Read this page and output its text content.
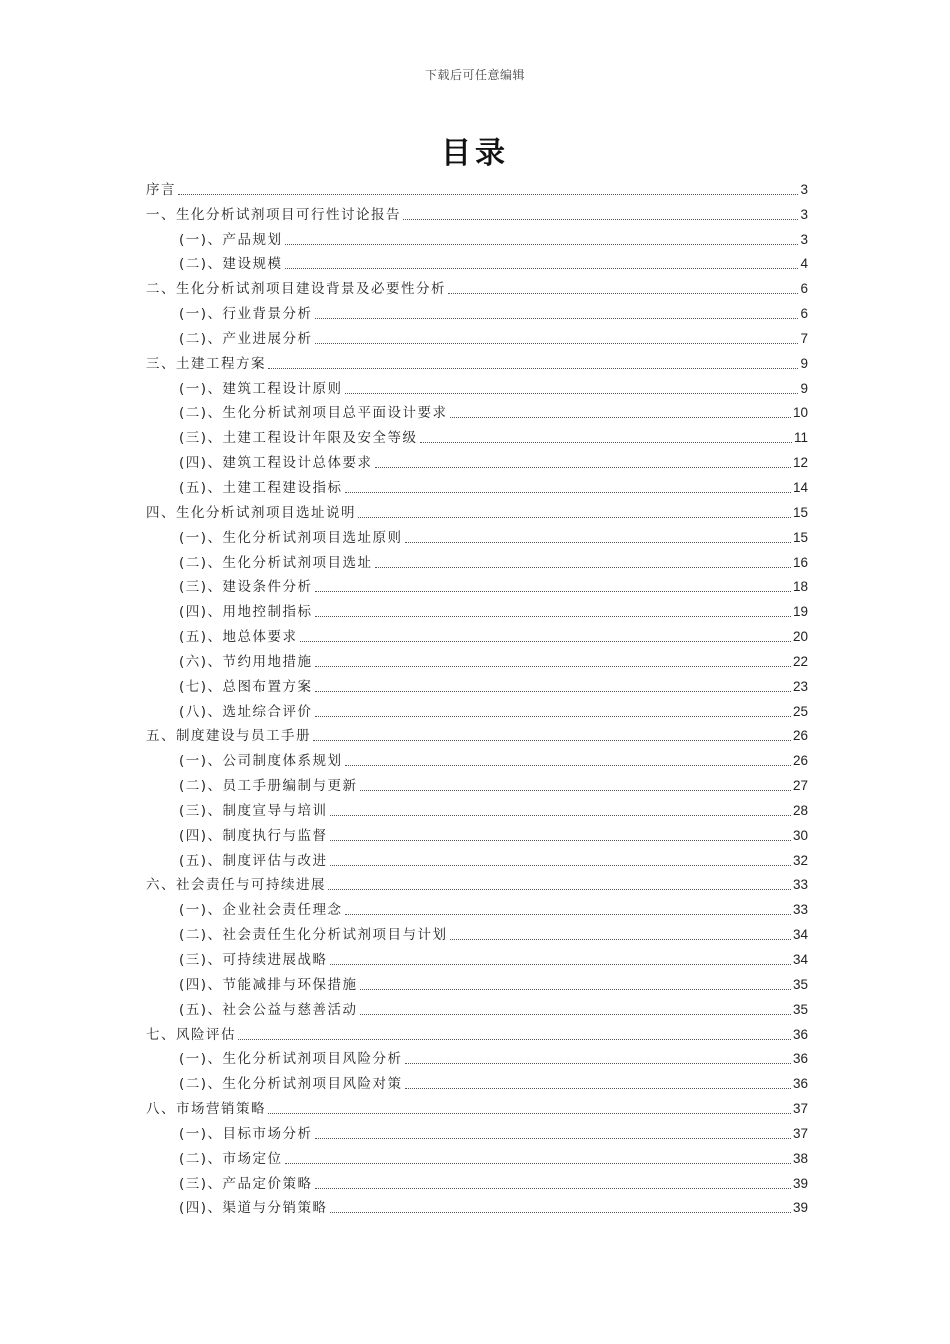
下载后可任意编辑
目录
序言	3
一、生化分析试剂项目可行性讨论报告	3
(一)、产品规划	3
(二)、建设规模	4
二、生化分析试剂项目建设背景及必要性分析	6
(一)、行业背景分析	6
(二)、产业进展分析	7
三、土建工程方案	9
(一)、建筑工程设计原则	9
(二)、生化分析试剂项目总平面设计要求	10
(三)、土建工程设计年限及安全等级	11
(四)、建筑工程设计总体要求	12
(五)、土建工程建设指标	14
四、生化分析试剂项目选址说明	15
(一)、生化分析试剂项目选址原则	15
(二)、生化分析试剂项目选址	16
(三)、建设条件分析	18
(四)、用地控制指标	19
(五)、地总体要求	20
(六)、节约用地措施	22
(七)、总图布置方案	23
(八)、选址综合评价	25
五、制度建设与员工手册	26
(一)、公司制度体系规划	26
(二)、员工手册编制与更新	27
(三)、制度宣导与培训	28
(四)、制度执行与监督	30
(五)、制度评估与改进	32
六、社会责任与可持续进展	33
(一)、企业社会责任理念	33
(二)、社会责任生化分析试剂项目与计划	34
(三)、可持续进展战略	34
(四)、节能减排与环保措施	35
(五)、社会公益与慈善活动	35
七、风险评估	36
(一)、生化分析试剂项目风险分析	36
(二)、生化分析试剂项目风险对策	36
八、市场营销策略	37
(一)、目标市场分析	37
(二)、市场定位	38
(三)、产品定价策略	39
(四)、渠道与分销策略	39
